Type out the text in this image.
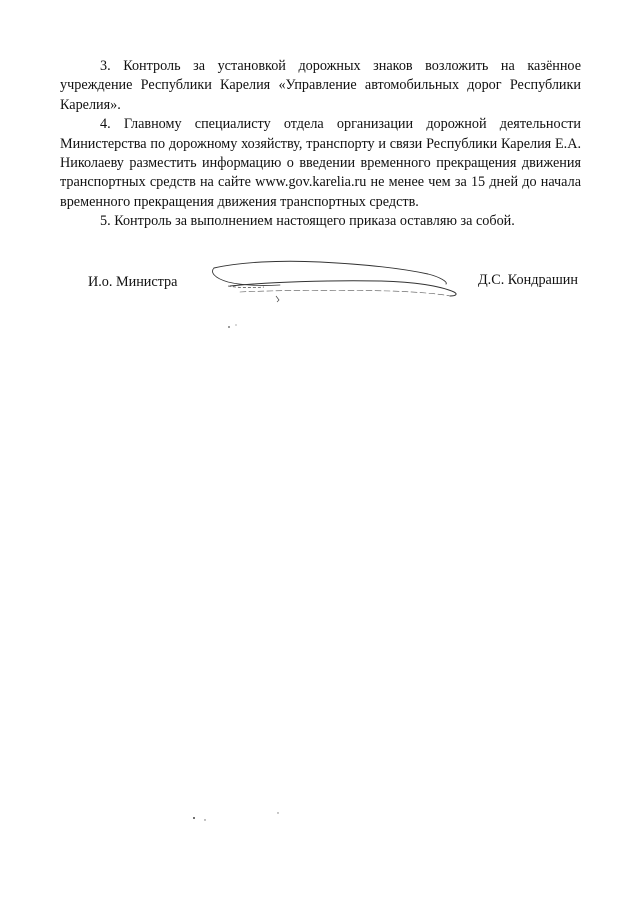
3. Контроль за установкой дорожных знаков возложить на казённое учреждение Республики Карелия «Управление автомобильных дорог Республики Карелия».

4. Главному специалисту отдела организации дорожной деятельности Министерства по дорожному хозяйству, транспорту и связи Республики Карелия Е.А. Николаеву разместить информацию о введении временного прекращения движения транспортных средств на сайте www.gov.karelia.ru не менее чем за 15 дней до начала временного прекращения движения транспортных средств.

5. Контроль за выполнением настоящего приказа оставляю за собой.

И.о. Министра	Д.С. Кондрашин
